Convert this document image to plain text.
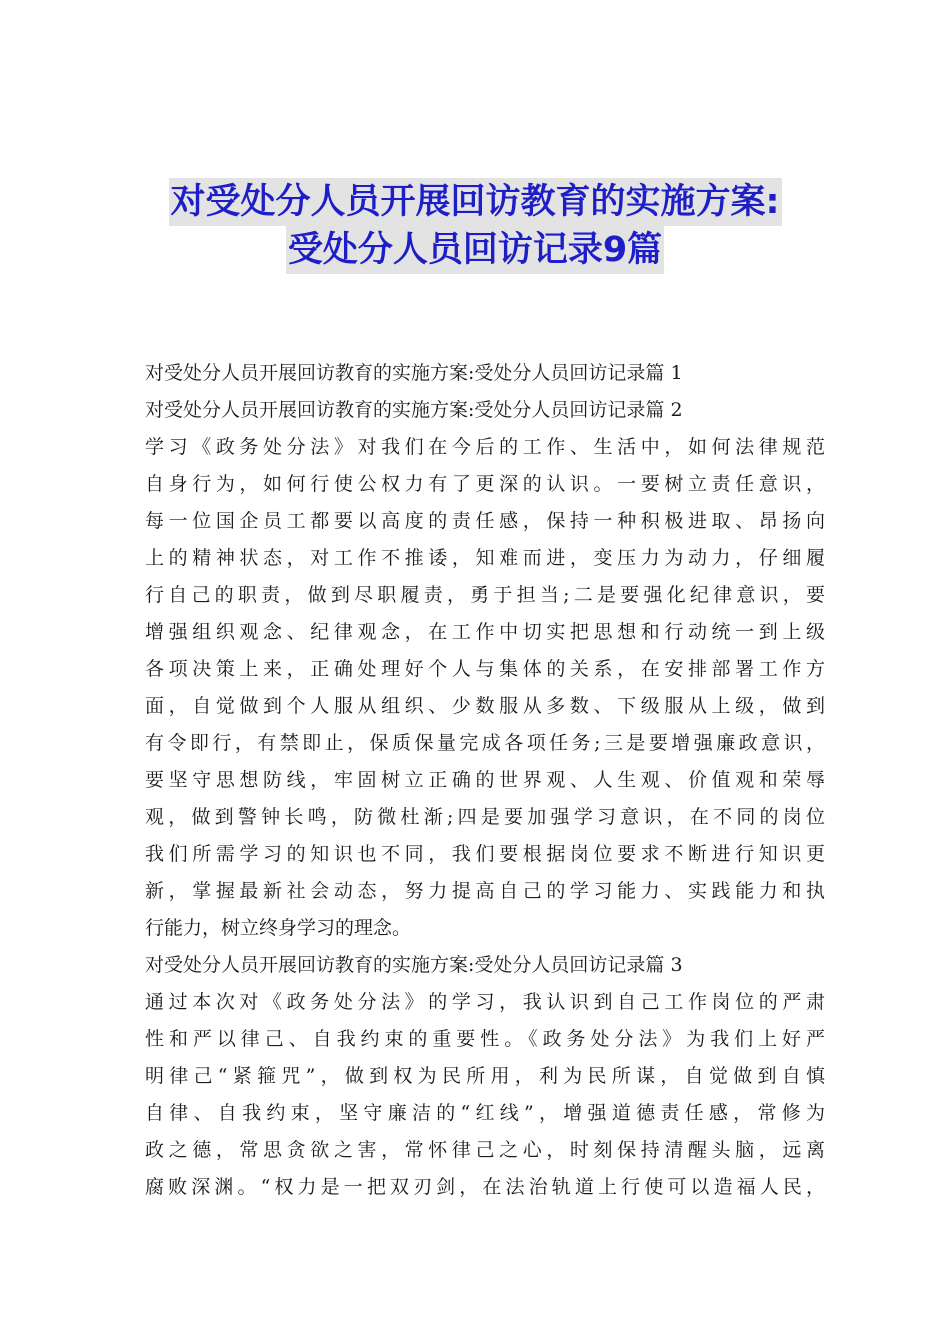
对受处分人员开展回访教育的实施方案:
受处分人员回访记录9篇
对受处分人员开展回访教育的实施方案:受处分人员回访记录篇 1
对受处分人员开展回访教育的实施方案:受处分人员回访记录篇 2
学习《政务处分法》对我们在今后的工作、生活中，如何法律规范
自身行为，如何行使公权力有了更深的认识。一要树立责任意识，
每一位国企员工都要以高度的责任感，保持一种积极进取、昂扬向
上的精神状态，对工作不推诿，知难而进，变压力为动力，仔细履
行自己的职责，做到尽职履责，勇于担当;二是要强化纪律意识，要
增强组织观念、纪律观念，在工作中切实把思想和行动统一到上级
各项决策上来，正确处理好个人与集体的关系，在安排部署工作方
面，自觉做到个人服从组织、少数服从多数、下级服从上级，做到
有令即行，有禁即止，保质保量完成各项任务;三是要增强廉政意识，
要坚守思想防线，牢固树立正确的世界观、人生观、价值观和荣辱
观，做到警钟长鸣，防微杜渐;四是要加强学习意识，在不同的岗位
我们所需学习的知识也不同，我们要根据岗位要求不断进行知识更
新，掌握最新社会动态，努力提高自己的学习能力、实践能力和执
行能力，树立终身学习的理念。
对受处分人员开展回访教育的实施方案:受处分人员回访记录篇 3
通过本次对《政务处分法》的学习，我认识到自己工作岗位的严肃
性和严以律己、自我约束的重要性。《政务处分法》为我们上好严
明律己“紧箍咒”，做到权为民所用，利为民所谋，自觉做到自慎
自律、自我约束，坚守廉洁的“红线”，增强道德责任感，常修为
政之德，常思贪欲之害，常怀律己之心，时刻保持清醒头脑，远离
腐败深渊。“权力是一把双刃剑，在法治轨道上行使可以造福人民，
